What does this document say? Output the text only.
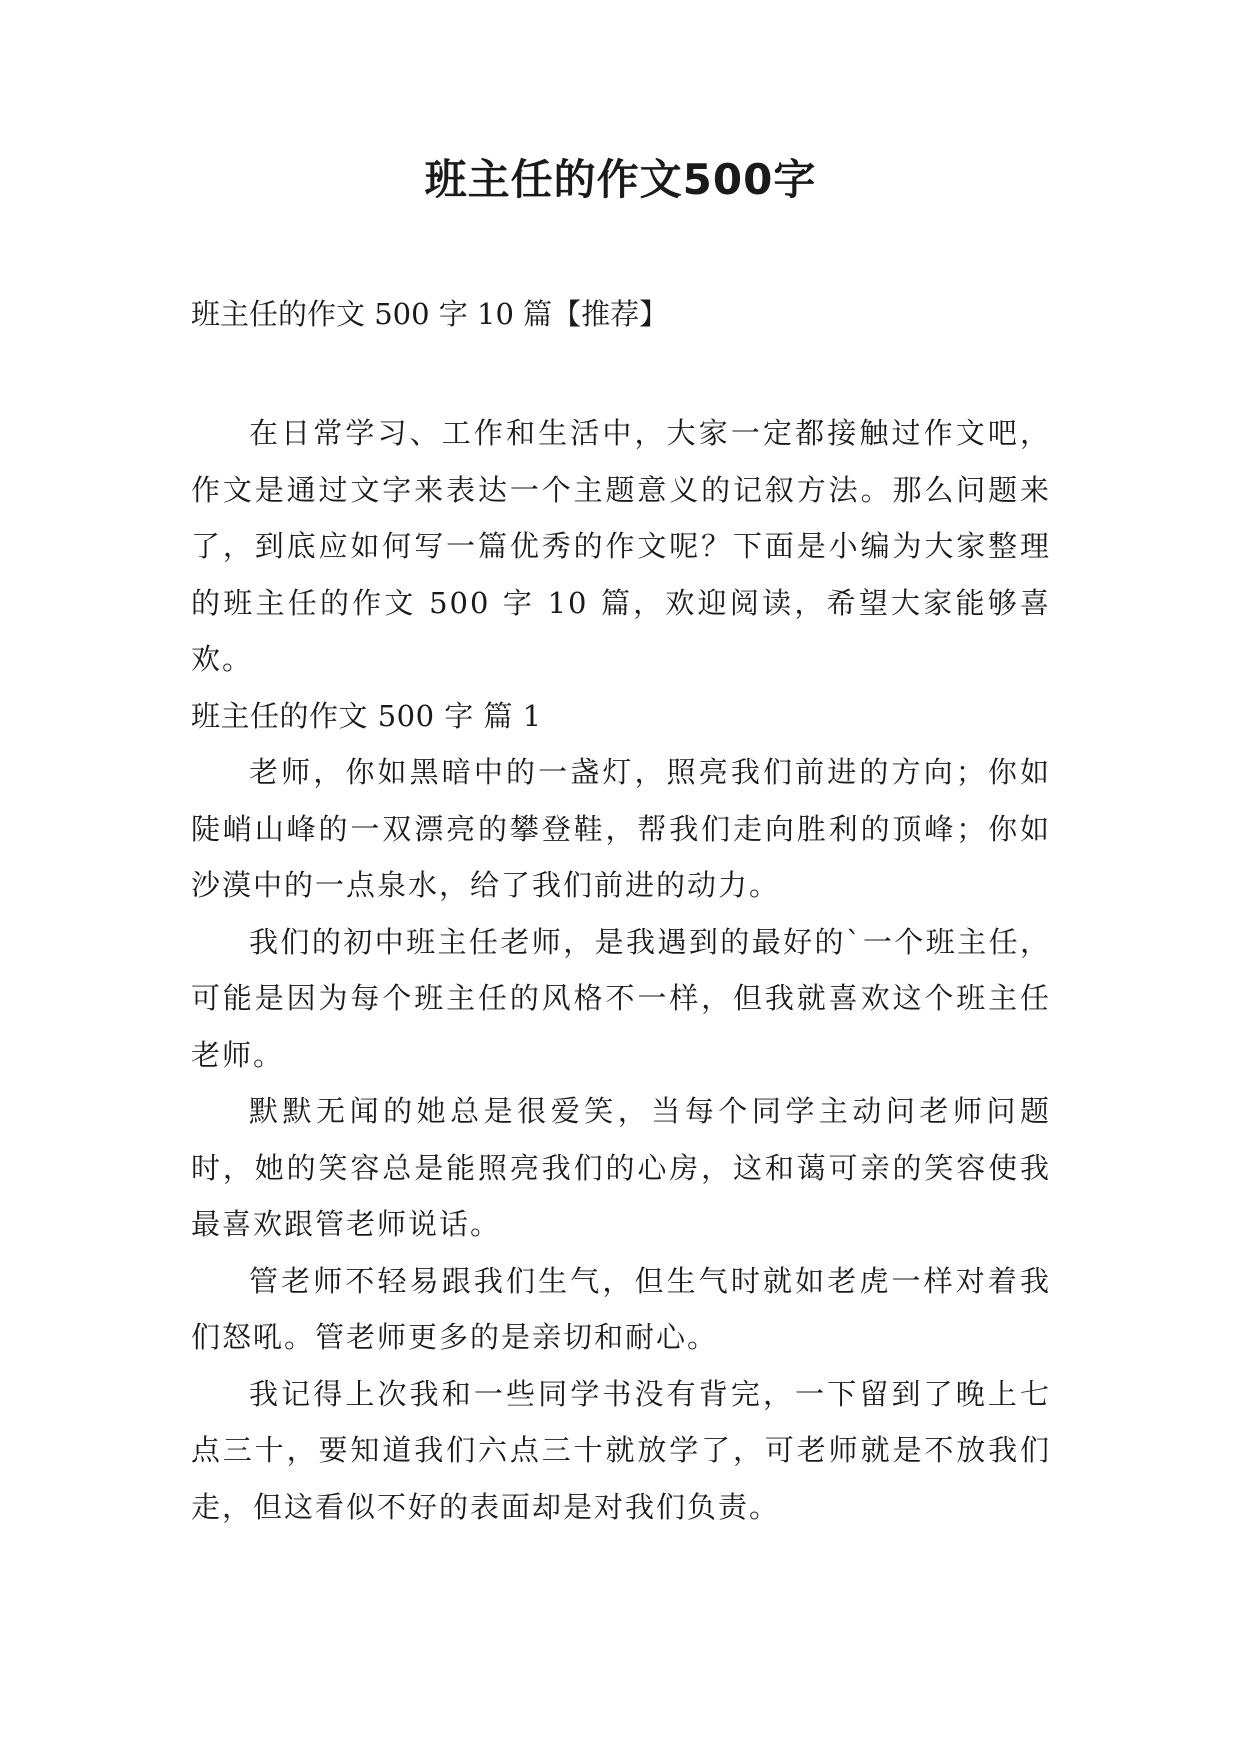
班主任的作文500字
班主任的作文 500 字 10 篇【推荐】

在日常学习、工作和生活中，大家一定都接触过作文吧，作文是通过文字来表达一个主题意义的记叙方法。那么问题来了，到底应如何写一篇优秀的作文呢？下面是小编为大家整理的班主任的作文 500 字 10 篇，欢迎阅读，希望大家能够喜欢。

班主任的作文 500 字 篇 1

老师，你如黑暗中的一盏灯，照亮我们前进的方向；你如陡峭山峰的一双漂亮的攀登鞋，帮我们走向胜利的顶峰；你如沙漠中的一点泉水，给了我们前进的动力。

我们的初中班主任老师，是我遇到的最好的`一个班主任，可能是因为每个班主任的风格不一样，但我就喜欢这个班主任老师。

默默无闻的她总是很爱笑，当每个同学主动问老师问题时，她的笑容总是能照亮我们的心房，这和蔼可亲的笑容使我最喜欢跟管老师说话。

管老师不轻易跟我们生气，但生气时就如老虎一样对着我们怒吼。管老师更多的是亲切和耐心。

我记得上次我和一些同学书没有背完，一下留到了晚上七点三十，要知道我们六点三十就放学了，可老师就是不放我们走，但这看似不好的表面却是对我们负责。
